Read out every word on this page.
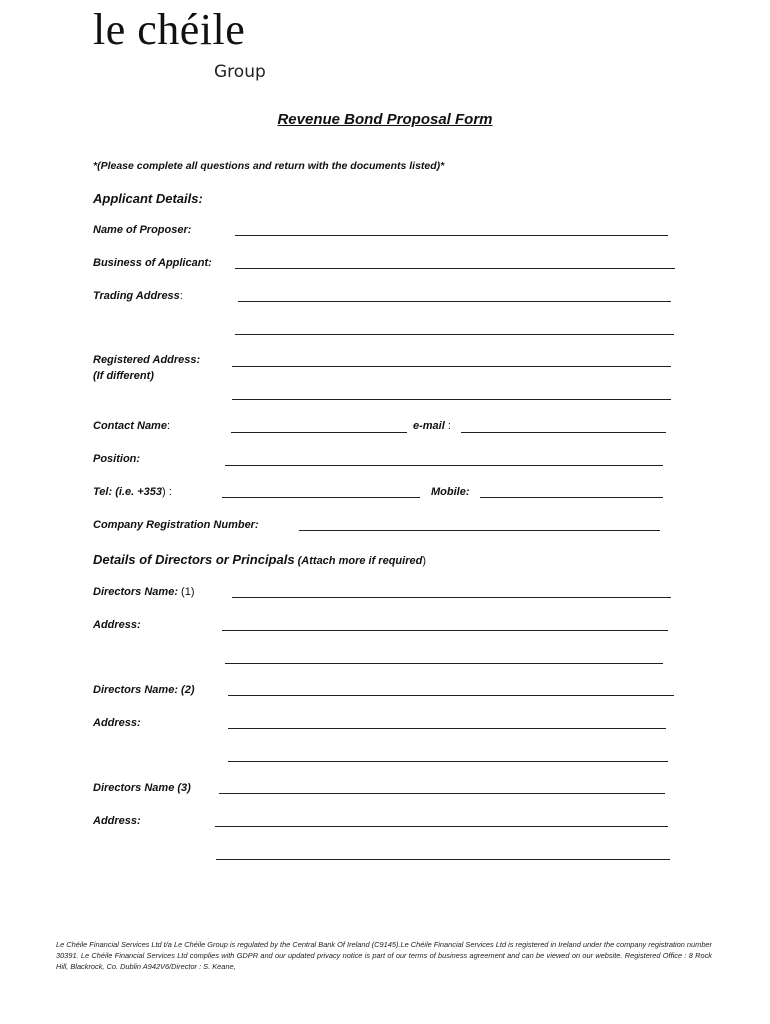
le chéile
Group
Revenue Bond Proposal Form
*(Please complete all questions and return with the documents listed)*
Applicant Details:
Name of Proposer:
Business of Applicant:
Trading Address:
Registered Address:
(If different)
Contact Name:	e-mail :
Position:
Tel: (i.e. +353) :	Mobile:
Company Registration Number:
Details of Directors or Principals (Attach more if required)
Directors Name: (1)
Address:
Directors Name: (2)
Address:
Directors Name (3)
Address:
Le Chéile Financial Services Ltd t/a Le Chéile Group is regulated by the Central Bank Of Ireland (C9145).Le Chéile Financial Services Ltd is registered in Ireland under the company registration number 30391. Le Chéile Financial Services Ltd complies with GDPR and our updated privacy notice is part of our terms of business agreement and can be viewed on our website. Registered Office : 8 Rock Hill, Blackrock, Co. Dublin A942V6/Director : S. Keane,
